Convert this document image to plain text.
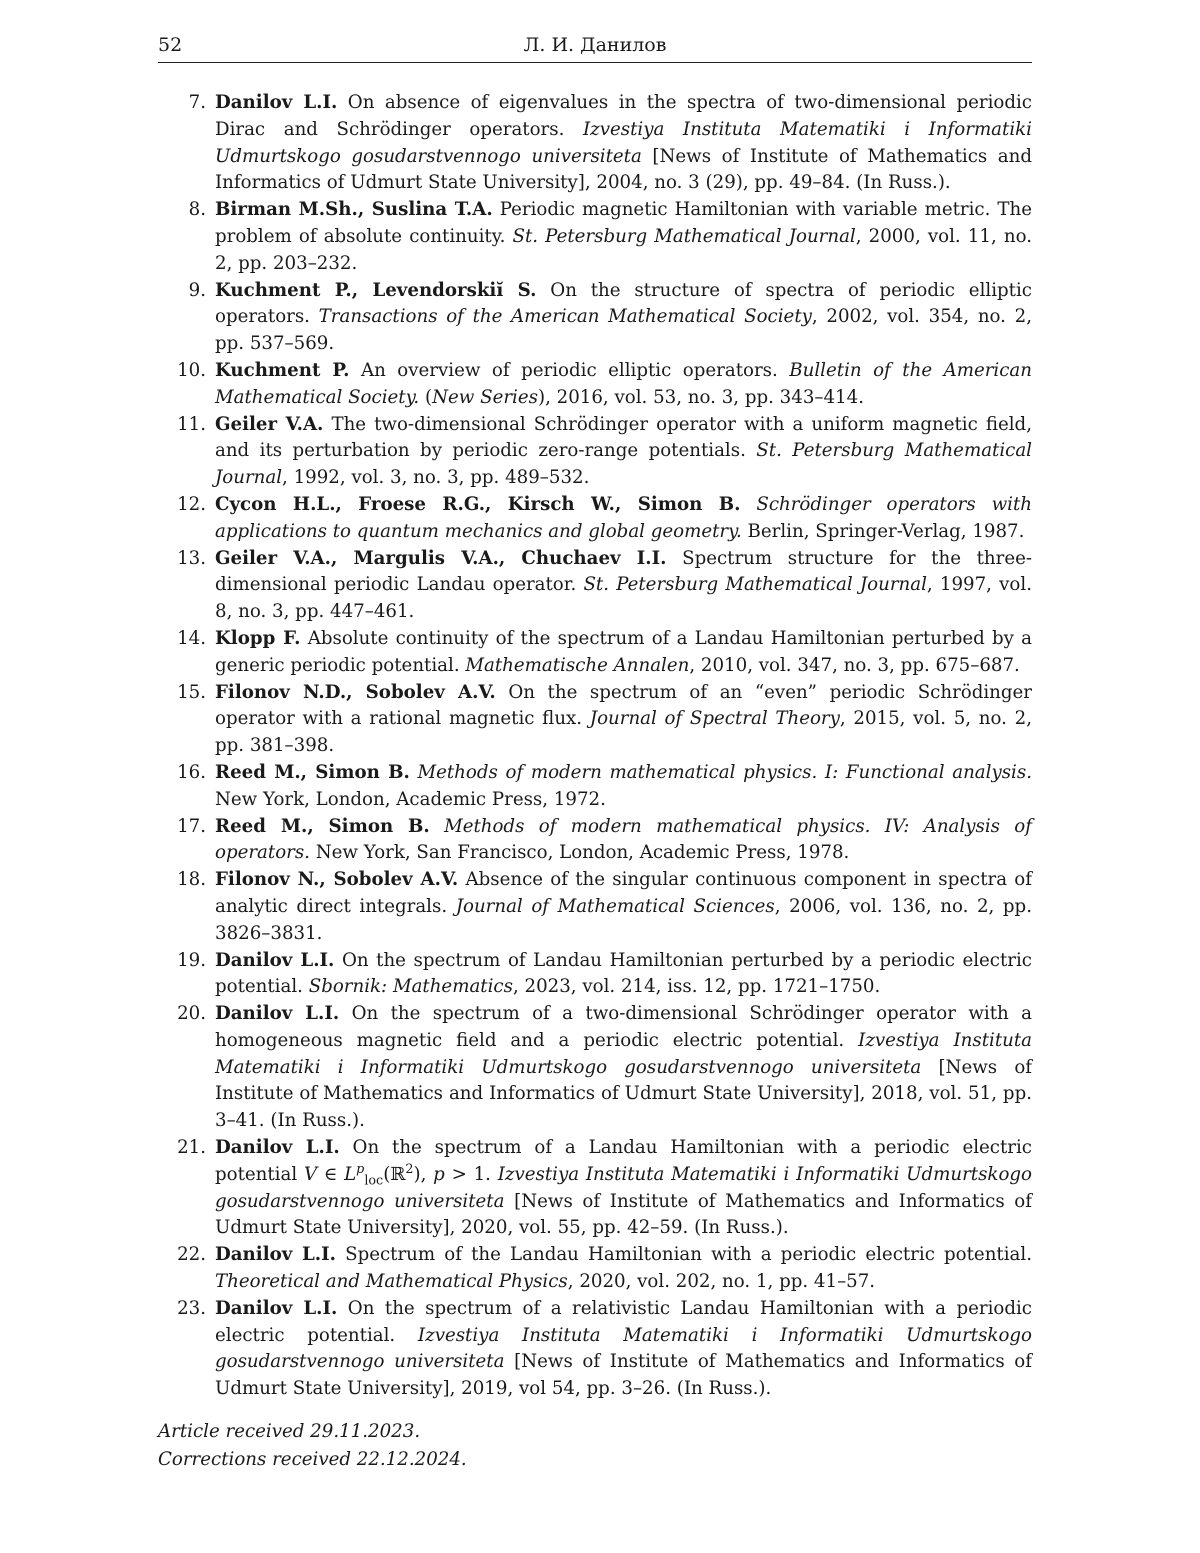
52	Л. И. Данилов
7. Danilov L.I. On absence of eigenvalues in the spectra of two-dimensional periodic Dirac and Schrödinger operators. Izvestiya Instituta Matematiki i Informatiki Udmurtskogo gosudarstvennogo universiteta [News of Institute of Mathematics and Informatics of Udmurt State University], 2004, no. 3 (29), pp. 49–84. (In Russ.).
8. Birman M.Sh., Suslina T.A. Periodic magnetic Hamiltonian with variable metric. The problem of absolute continuity. St. Petersburg Mathematical Journal, 2000, vol. 11, no. 2, pp. 203–232.
9. Kuchment P., Levendorskiĭ S. On the structure of spectra of periodic elliptic operators. Transactions of the American Mathematical Society, 2002, vol. 354, no. 2, pp. 537–569.
10. Kuchment P. An overview of periodic elliptic operators. Bulletin of the American Mathematical Society. (New Series), 2016, vol. 53, no. 3, pp. 343–414.
11. Geiler V.A. The two-dimensional Schrödinger operator with a uniform magnetic field, and its perturbation by periodic zero-range potentials. St. Petersburg Mathematical Journal, 1992, vol. 3, no. 3, pp. 489–532.
12. Cycon H.L., Froese R.G., Kirsch W., Simon B. Schrödinger operators with applications to quantum mechanics and global geometry. Berlin, Springer-Verlag, 1987.
13. Geiler V.A., Margulis V.A., Chuchaev I.I. Spectrum structure for the three-dimensional periodic Landau operator. St. Petersburg Mathematical Journal, 1997, vol. 8, no. 3, pp. 447–461.
14. Klopp F. Absolute continuity of the spectrum of a Landau Hamiltonian perturbed by a generic periodic potential. Mathematische Annalen, 2010, vol. 347, no. 3, pp. 675–687.
15. Filonov N.D., Sobolev A.V. On the spectrum of an “even” periodic Schrödinger operator with a rational magnetic flux. Journal of Spectral Theory, 2015, vol. 5, no. 2, pp. 381–398.
16. Reed M., Simon B. Methods of modern mathematical physics. I: Functional analysis. New York, London, Academic Press, 1972.
17. Reed M., Simon B. Methods of modern mathematical physics. IV: Analysis of operators. New York, San Francisco, London, Academic Press, 1978.
18. Filonov N., Sobolev A.V. Absence of the singular continuous component in spectra of analytic direct integrals. Journal of Mathematical Sciences, 2006, vol. 136, no. 2, pp. 3826–3831.
19. Danilov L.I. On the spectrum of Landau Hamiltonian perturbed by a periodic electric potential. Sbornik: Mathematics, 2023, vol. 214, iss. 12, pp. 1721–1750.
20. Danilov L.I. On the spectrum of a two-dimensional Schrödinger operator with a homogeneous magnetic field and a periodic electric potential. Izvestiya Instituta Matematiki i Informatiki Udmurtskogo gosudarstvennogo universiteta [News of Institute of Mathematics and Informatics of Udmurt State University], 2018, vol. 51, pp. 3–41. (In Russ.).
21. Danilov L.I. On the spectrum of a Landau Hamiltonian with a periodic electric potential V ∈ $L^p_{loc}(ℝ^2)$, p > 1. Izvestiya Instituta Matematiki i Informatiki Udmurtskogo gosudarstvennogo universiteta [News of Institute of Mathematics and Informatics of Udmurt State University], 2020, vol. 55, pp. 42–59. (In Russ.).
22. Danilov L.I. Spectrum of the Landau Hamiltonian with a periodic electric potential. Theoretical and Mathematical Physics, 2020, vol. 202, no. 1, pp. 41–57.
23. Danilov L.I. On the spectrum of a relativistic Landau Hamiltonian with a periodic electric potential. Izvestiya Instituta Matematiki i Informatiki Udmurtskogo gosudarstvennogo universiteta [News of Institute of Mathematics and Informatics of Udmurt State University], 2019, vol 54, pp. 3–26. (In Russ.).
Article received 29.11.2023.
Corrections received 22.12.2024.
